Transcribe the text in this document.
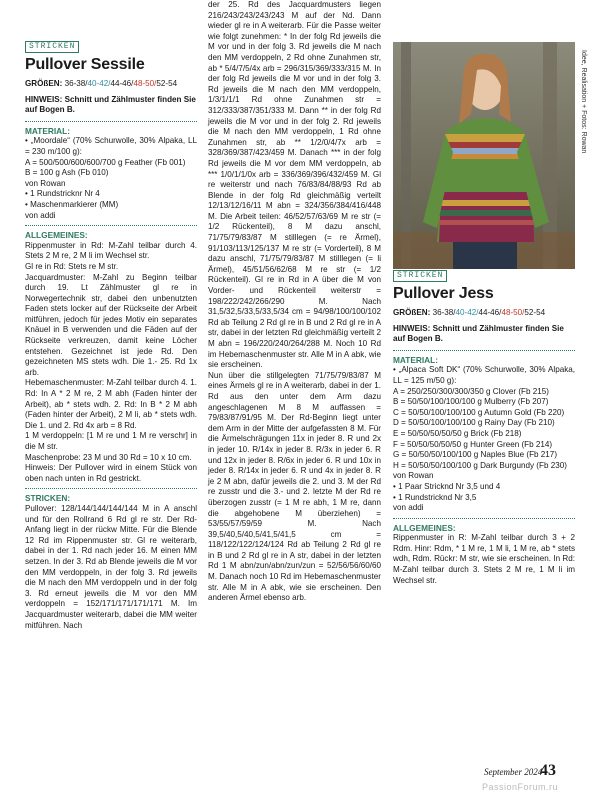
STRICKEN
Pullover Sessile
GRÖßEN: 36-38/40-42/44-46/48-50/52-54
HINWEIS: Schnitt und Zählmuster finden Sie auf Bogen B.
MATERIAL:

• „Moordale“ (70% Schurwolle, 30% Alpaka, LL = 230 m/100 g):

A = 500/500/600/600/700 g Feather (Fb 001)

B = 100 g Ash (Fb 010)

von Rowan

• 1 Rundstricknr Nr 4

• Maschenmarkierer (MM)

von addi

ALLGEMEINES:

Rippenmuster in Rd: M-Zahl teilbar durch 4. Stets 2 M re, 2 M li im Wechsel str.

Gl re in Rd: Stets re M str.

Jacquardmuster: M-Zahl zu Beginn teilbar durch 19. Lt Zählmuster gl re in Norwegertechnik str, dabei den unbenutzten Faden stets locker auf der Rückseite der Arbeit mitführen, jedoch für jedes Motiv ein separates Knäuel in B verwenden und die Fäden auf der Rückseite verkreuzen, damit keine Löcher entstehen. Gezeichnet ist jede Rd. Den gezeichneten MS stets wdh. Die 1.- 25. Rd 1x arb.

Hebemaschenmuster: M-Zahl teilbar durch 4. 1. Rd: In A * 2 M re, 2 M abh (Faden hinter der Arbeit), ab * stets wdh. 2. Rd: In B * 2 M abh (Faden hinter der Arbeit), 2 M li, ab * stets wdh. Die 1. und 2. Rd 4x arb = 8 Rd.

1 M verdoppeln: [1 M re und 1 M re verschr] in die M str.

Maschenprobe: 23 M und 30 Rd = 10 x 10 cm.

Hinweis: Der Pullover wird in einem Stück von oben nach unten in Rd gestrickt.

STRICKEN:

Pullover: 128/144/144/144/144 M in A anschl und für den Rollrand 6 Rd gl re str. Der Rd-Anfang liegt in der rückw Mitte. Für die Blende 12 Rd im Rippenmuster str. Gl re weiterarb, dabei in der 1. Rd nach jeder 16. M einen MM setzen. In der 3. Rd ab Blende jeweils die M vor den MM verdoppeln, in der folg 3. Rd jeweils die M nach den MM verdoppeln und in der folg 3. Rd erneut jeweils die M vor den MM verdoppeln = 152/171/171/171/171 M. Im Jacquardmuster weiterarb, dabei die MM weiter mitführen. Nach

der 25. Rd des Jacquardmusters liegen 216/243/243/243/243 M auf der Nd. Dann wieder gl re in A weiterarb. Für die Passe weiter wie folgt zunehmen: * In der folg Rd jeweils die M vor und in der folg 3. Rd jeweils die M nach den MM verdoppeln, 2 Rd ohne Zunahmen str, ab * 5/4/7/5/4x arb = 296/315/369/333/315 M. In der folg Rd jeweils die M vor und in der folg 3. Rd jeweils die M nach den MM verdoppeln, 1/3/1/1/1 Rd ohne Zunahmen str = 312/333/387/351/333 M. Dann ** in der folg Rd jeweils die M vor und in der folg 2. Rd jeweils die M nach den MM verdoppeln, 1 Rd ohne Zunahmen str, ab ** 1/2/0/4/7x arb = 328/369/387/423/459 M. Danach *** in der folg Rd jeweils die M vor dem MM verdoppeln, ab *** 1/0/1/1/0x arb = 336/369/396/432/459 M. Gl re weiterstr und nach 76/83/84/88/93 Rd ab Blende in der folg Rd gleichmäßig verteilt 12/13/12/16/11 M abn = 324/356/384/416/448 M. Die Arbeit teilen: 46/52/57/63/69 M re str (= 1/2 Rückenteil), 8 M dazu anschl, 71/75/79/83/87 M stilllegen (= re Ärmel), 91/103/113/125/137 M re str (= Vorderteil), 8 M dazu anschl, 71/75/79/83/87 M stilllegen (= li Ärmel), 45/51/56/62/68 M re str (= 1/2 Rückenteil). Gl re in Rd in A über die M von Vorder- und Rückenteil weiterstr = 198/222/242/266/290 M. Nach 31,5/32,5/33,5/33,5/34 cm = 94/98/100/100/102 Rd ab Teilung 2 Rd gl re in B und 2 Rd gl re in A str, dabei in der letzten Rd gleichmäßig verteilt 2 M abn = 196/220/240/264/288 M. Noch 10 Rd im Hebemaschenmuster str. Alle M in A abk, wie sie erscheinen.

Nun über die stillgelegten 71/75/79/83/87 M eines Ärmels gl re in A weiterarb, dabei in der 1. Rd aus den unter dem Arm dazu angeschlagenen M 8 M auffassen = 79/83/87/91/95 M. Der Rd-Beginn liegt unter dem Arm in der Mitte der aufgefassten 8 M. Für die Ärmelschrägungen 11x in jeder 8. R und 2x in jeder 10. R/14x in jeder 8. R/3x in jeder 6. R und 12x in jeder 8. R/6x in jeder 6. R und 10x in jeder 8. R/14x in jeder 6. R und 4x in jeder 8. R je 2 M abn, dafür jeweils die 2. und 3. M der Rd re zusstr und die 3.- und 2. letzte M der Rd re überzogen zusstr (= 1 M re abh, 1 M re, dann die abgehobene M überziehen) = 53/55/57/59/59 M. Nach 39,5/40,5/40,5/41,5/41,5 cm = 118/122/122/124/124 Rd ab Teilung 2 Rd gl re in B und 2 Rd gl re in A str, dabei in der letzten Rd 1 M abn/zun/abn/zun/zun = 52/56/56/60/60 M. Danach noch 10 Rd im Hebemaschenmuster str. Alle M in A abk, wie sie erscheinen. Den anderen Ärmel ebenso arb.

Idee, Realisation + Fotos: Rowan
STRICKEN
Pullover Jess
GRÖßEN: 36-38/40-42/44-46/48-50/52-54
HINWEIS: Schnitt und Zählmuster finden Sie auf Bogen B.
MATERIAL:

• „Alpaca Soft DK“ (70% Schurwolle, 30% Alpaka, LL = 125 m/50 g):

A = 250/250/300/300/350 g Clover (Fb 215)

B = 50/50/100/100/100 g Mulberry (Fb 207)

C = 50/50/100/100/100 g Autumn Gold (Fb 220)

D = 50/50/100/100/100 g Rainy Day (Fb 210)

E = 50/50/50/50/50 g Brick (Fb 218)

F = 50/50/50/50/50 g Hunter Green (Fb 214)

G = 50/50/50/100/100 g Naples Blue (Fb 217)

H = 50/50/50/100/100 g Dark Burgundy (Fb 230)

von Rowan

• 1 Paar Stricknd Nr 3,5 und 4

• 1 Rundstricknd Nr 3,5

von addi

ALLGEMEINES:

Rippenmuster in R: M-Zahl teilbar durch 3 + 2 Rdm. Hinr: Rdm, * 1 M re, 1 M li, 1 M re, ab * stets wdh, Rdm. Rückr: M str, wie sie erscheinen. In Rd: M-Zahl teilbar durch 3. Stets 2 M re, 1 M li im Wechsel str.

September 2024
43
PassionForum.ru
